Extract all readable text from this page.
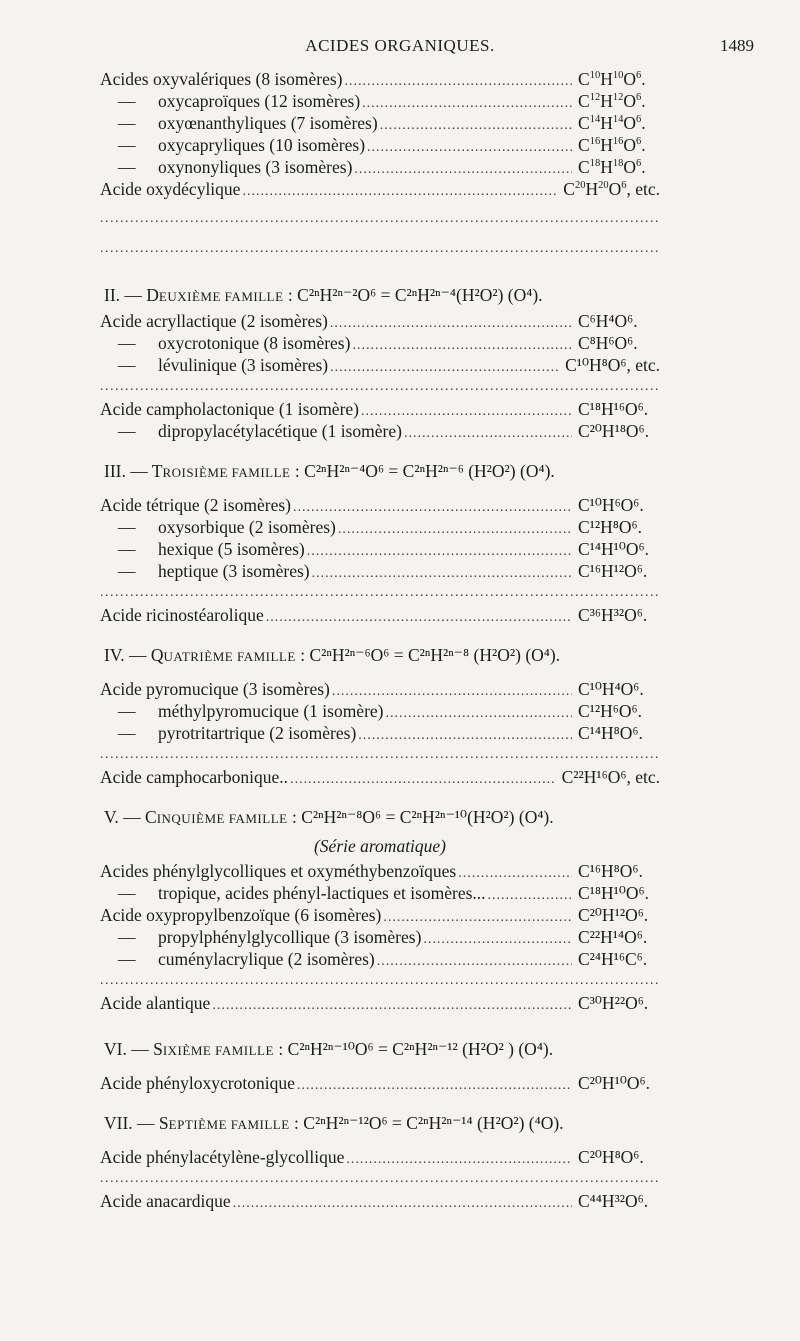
ACIDES ORGANIQUES.	1489
Acides oxyvalériques (8 isomères) .....	$C^{10}H^{10}O^6$.
— oxycaproïques (12 isomères) .....	$C^{12}H^{12}O^6$.
— oxyœnanthyliques (7 isomères) .....	$C^{14}H^{14}O^6$.
— oxycapryliques (10 isomères) .....	$C^{16}H^{16}O^6$.
— oxynonyliques (3 isomères) .....	$C^{18}H^{18}O^6$.
Acide oxydécylique .....	$C^{20}H^{20}O^6$, etc.
.....
.....
II. — DEUXIÈME FAMILLE : C²ⁿH²ⁿ⁻²O⁶ = C²ⁿH²ⁿ⁻⁴(H²O²) (O⁴).
Acide acryllactique (2 isomères) .....	C⁶H⁴O⁶.
— oxycrotonique (8 isomères) .....	C⁸H⁶O⁶.
— lévulinique (3 isomères) .....	C¹⁰H⁸O⁶, etc.
.....
Acide campholactonique (1 isomère) .....	C¹⁸H¹⁶O⁶.
— dipropylacétylacétique (1 isomère) .....	C²⁰H¹⁸O⁶.
III. — TROISIÈME FAMILLE : C²ⁿH²ⁿ⁻⁴O⁶ = C²ⁿH²ⁿ⁻⁶ (H²O²) (O⁴).
Acide tétrique (2 isomères) .....	C¹⁰H⁶O⁶.
— oxysorbique (2 isomères) .....	C¹²H⁸O⁶.
— hexique (5 isomères) .....	C¹⁴H¹⁰O⁶.
— heptique (3 isomères) .....	C¹⁶H¹²O⁶.
.....
Acide ricinostéarolique .....	C³⁶H³²O⁶.
IV. — QUATRIÈME FAMILLE : C²ⁿH²ⁿ⁻⁶O⁶ = C²ⁿH²ⁿ⁻⁸ (H²O²) (O⁴).
Acide pyromucique (3 isomères) .....	C¹⁰H⁴O⁶.
— méthylpyromucique (1 isomère) .....	C¹²H⁶O⁶.
— pyrotritartrique (2 isomères) .....	C¹⁴H⁸O⁶.
.....
Acide camphocarbonique.. .....	C²²H¹⁶O⁶, etc.
V. — CINQUIÈME FAMILLE : C²ⁿH²ⁿ⁻⁸O⁶ = C²ⁿH²ⁿ⁻¹⁰(H²O²) (O⁴).
(Série aromatique)
Acides phénylglycolliques et oxyméthybenzoïques .....	C¹⁶H⁸O⁶.
— tropique, acides phényl-lactiques et isomères... .....	C¹⁸H¹⁰O⁶.
Acide oxypropylbenzoïque (6 isomères) .....	C²⁰H¹²O⁶.
— propylphénylglycollique (3 isomères) .....	C²²H¹⁴O⁶.
— cuménylacrylique (2 isomères) .....	C²⁴H¹⁶C⁶.
.....
Acide alantique .....	C³⁰H²²O⁶.
VI. — SIXIÈME FAMILLE : C²ⁿH²ⁿ⁻¹⁰O⁶ = C²ⁿH²ⁿ⁻¹² (H²O² ) (O⁴).
Acide phényloxycrotonique .....	C²⁰H¹⁰O⁶.
VII. — SEPTIÈME FAMILLE : C²ⁿH²ⁿ⁻¹²O⁶ = C²ⁿH²ⁿ⁻¹⁴ (H²O²) (⁴O).
Acide phénylacétylène-glycollique .....	C²⁰H⁸O⁶.
.....
Acide anacardique .....	C⁴⁴H³²O⁶.
